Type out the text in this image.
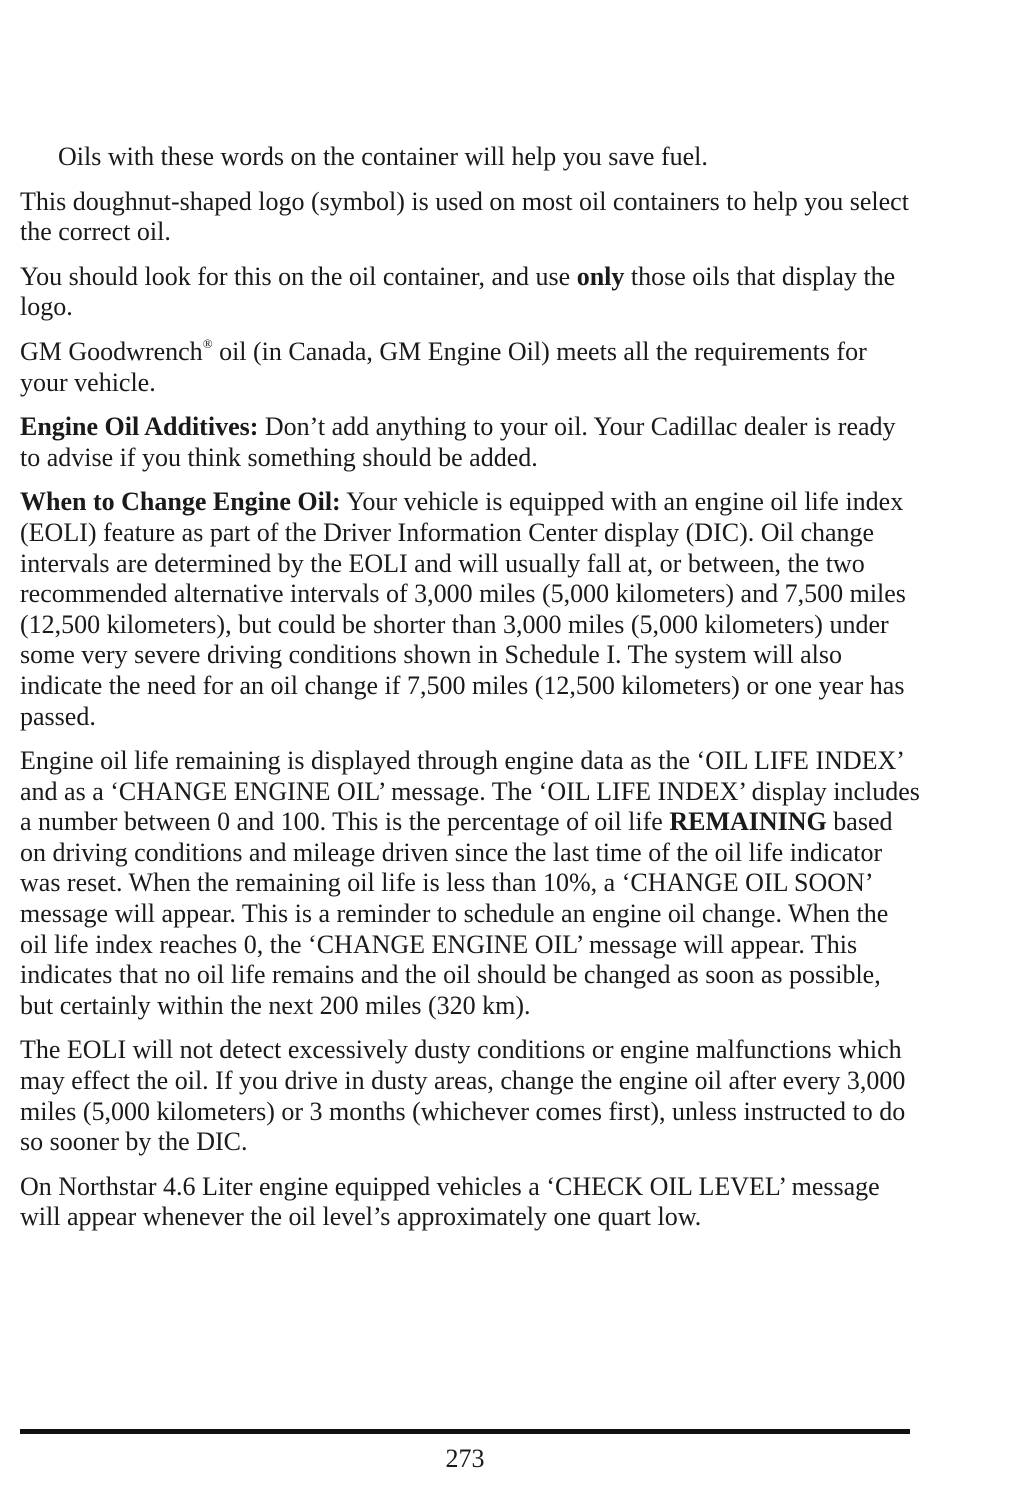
Oils with these words on the container will help you save fuel.

This doughnut-shaped logo (symbol) is used on most oil containers to help you select the correct oil.

You should look for this on the oil container, and use only those oils that display the logo.

GM Goodwrench® oil (in Canada, GM Engine Oil) meets all the requirements for your vehicle.

Engine Oil Additives: Don’t add anything to your oil. Your Cadillac dealer is ready to advise if you think something should be added.

When to Change Engine Oil: Your vehicle is equipped with an engine oil life index (EOLI) feature as part of the Driver Information Center display (DIC). Oil change intervals are determined by the EOLI and will usually fall at, or between, the two recommended alternative intervals of 3,000 miles (5,000 kilometers) and 7,500 miles (12,500 kilometers), but could be shorter than 3,000 miles (5,000 kilometers) under some very severe driving conditions shown in Schedule I. The system will also indicate the need for an oil change if 7,500 miles (12,500 kilometers) or one year has passed.

Engine oil life remaining is displayed through engine data as the ‘OIL LIFE INDEX’ and as a ‘CHANGE ENGINE OIL’ message. The ‘OIL LIFE INDEX’ display includes a number between 0 and 100. This is the percentage of oil life REMAINING based on driving conditions and mileage driven since the last time of the oil life indicator was reset. When the remaining oil life is less than 10%, a ‘CHANGE OIL SOON’ message will appear. This is a reminder to schedule an engine oil change. When the oil life index reaches 0, the ‘CHANGE ENGINE OIL’ message will appear. This indicates that no oil life remains and the oil should be changed as soon as possible, but certainly within the next 200 miles (320 km).

The EOLI will not detect excessively dusty conditions or engine malfunctions which may effect the oil. If you drive in dusty areas, change the engine oil after every 3,000 miles (5,000 kilometers) or 3 months (whichever comes first), unless instructed to do so sooner by the DIC.

On Northstar 4.6 Liter engine equipped vehicles a ‘CHECK OIL LEVEL’ message will appear whenever the oil level’s approximately one quart low.

273
